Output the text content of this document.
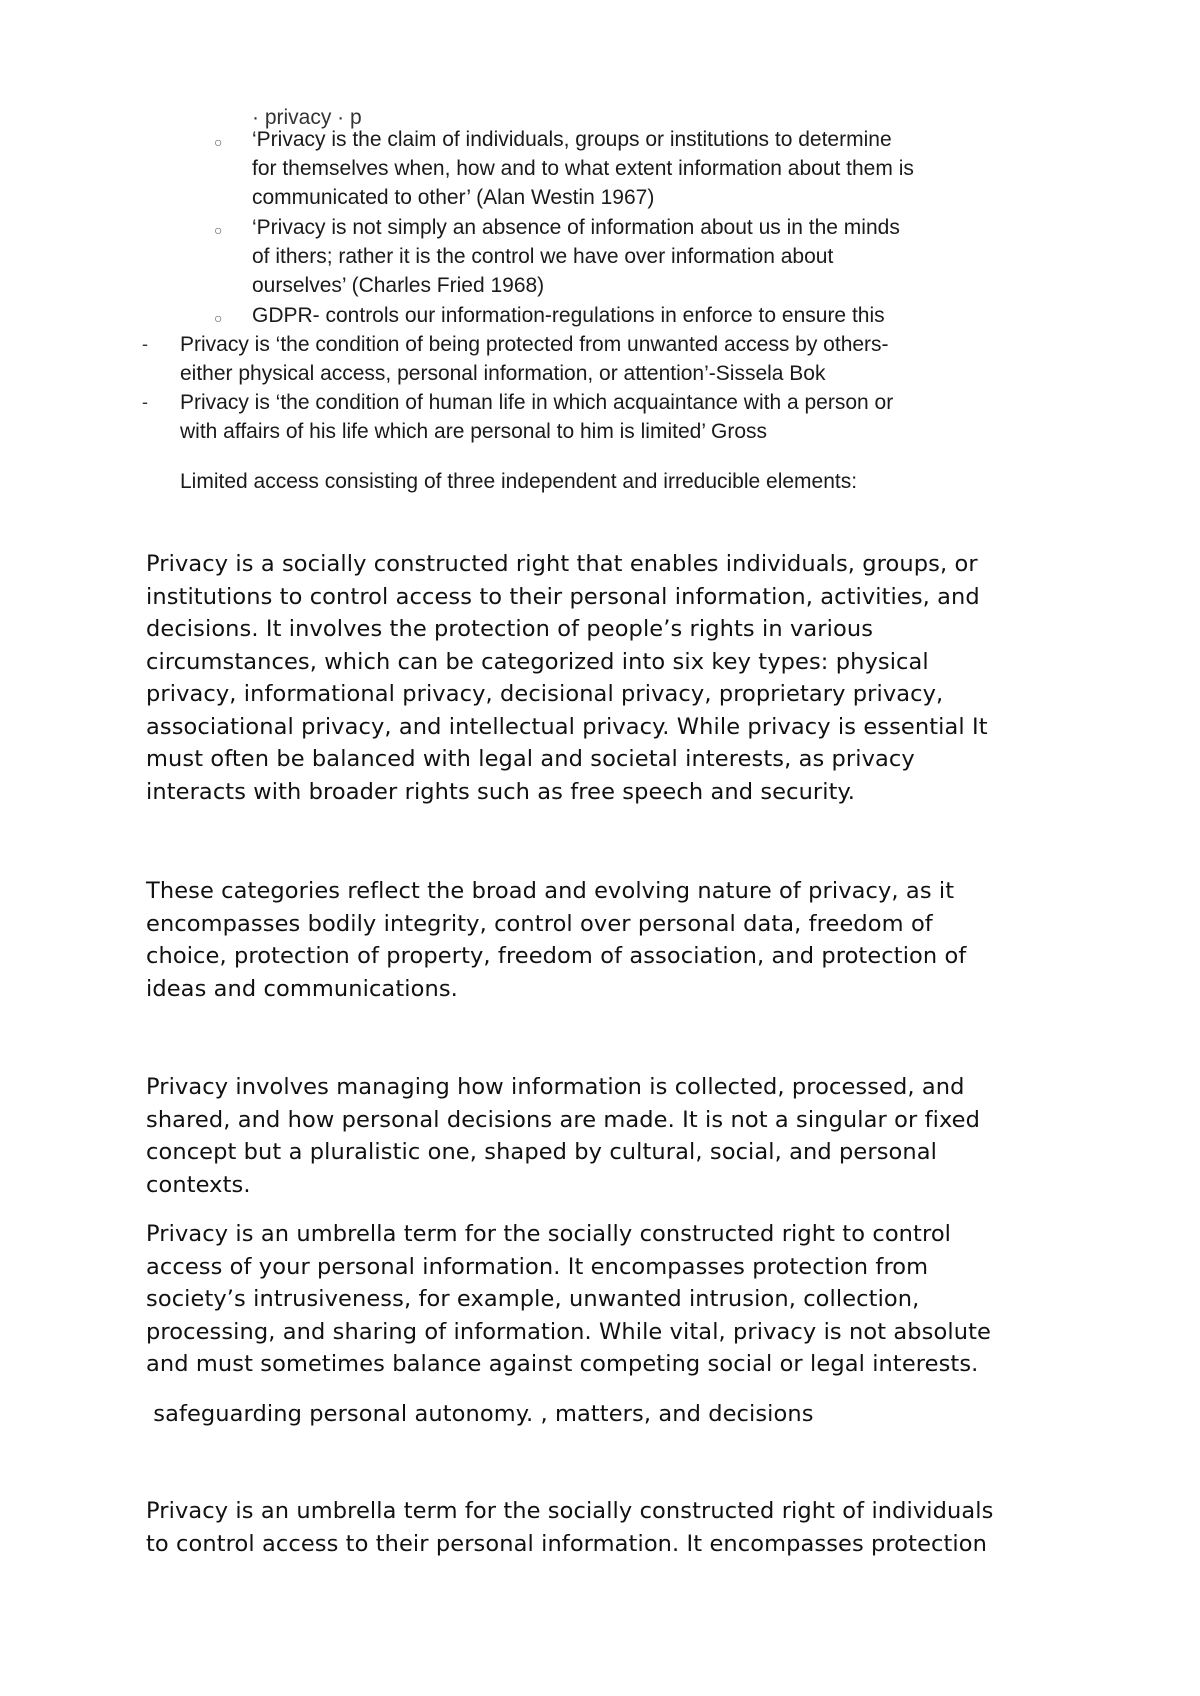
· privacy · p
○ ‘Privacy is the claim of individuals, groups or institutions to determine
for themselves when, how and to what extent information about them is
communicated to other’ (Alan Westin 1967)
○ ‘Privacy is not simply an absence of information about us in the minds
of ithers; rather it is the control we have over information about
ourselves’ (Charles Fried 1968)
○ GDPR- controls our information-regulations in enforce to ensure this
- Privacy is ‘the condition of being protected from unwanted access by others-
either physical access, personal information, or attention’-Sissela Bok
- Privacy is ‘the condition of human life in which acquaintance with a person or
with affairs of his life which are personal to him is limited’ Gross
Limited access consisting of three independent and irreducible elements:

Privacy is a socially constructed right that enables individuals, groups, or
institutions to control access to their personal information, activities, and
decisions. It involves the protection of people’s rights in various
circumstances, which can be categorized into six key types: physical
privacy, informational privacy, decisional privacy, proprietary privacy,
associational privacy, and intellectual privacy. While privacy is essential It
must often be balanced with legal and societal interests, as privacy
interacts with broader rights such as free speech and security.

These categories reflect the broad and evolving nature of privacy, as it
encompasses bodily integrity, control over personal data, freedom of
choice, protection of property, freedom of association, and protection of
ideas and communications.

Privacy involves managing how information is collected, processed, and
shared, and how personal decisions are made. It is not a singular or fixed
concept but a pluralistic one, shaped by cultural, social, and personal
contexts.

Privacy is an umbrella term for the socially constructed right to control
access of your personal information. It encompasses protection from
society’s intrusiveness, for example, unwanted intrusion, collection,
processing, and sharing of information. While vital, privacy is not absolute
and must sometimes balance against competing social or legal interests.

safeguarding personal autonomy. , matters, and decisions

Privacy is an umbrella term for the socially constructed right of individuals
to control access to their personal information. It encompasses protection
